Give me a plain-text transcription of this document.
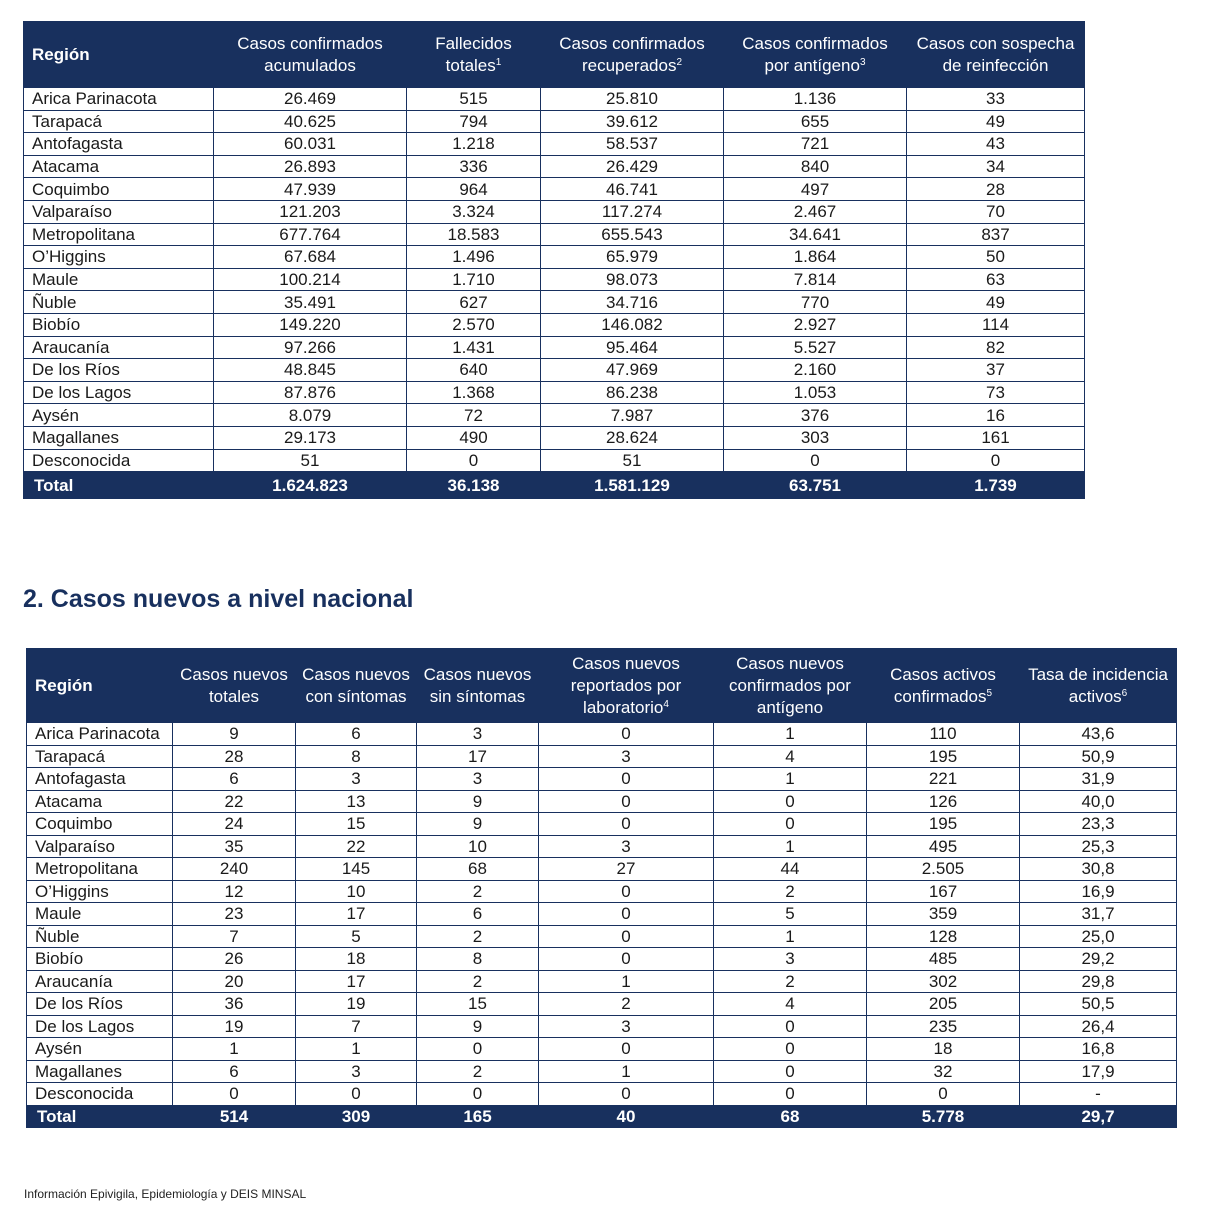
Región	Casos confirmados acumulados	Fallecidos totales$^1$	Casos confirmados recuperados$^2$	Casos confirmados por antígeno$^3$	Casos con sospecha de reinfección
Arica Parinacota	26.469	515	25.810	1.136	33
Tarapacá	40.625	794	39.612	655	49
Antofagasta	60.031	1.218	58.537	721	43
Atacama	26.893	336	26.429	840	34
Coquimbo	47.939	964	46.741	497	28
Valparaíso	121.203	3.324	117.274	2.467	70
Metropolitana	677.764	18.583	655.543	34.641	837
O’Higgins	67.684	1.496	65.979	1.864	50
Maule	100.214	1.710	98.073	7.814	63
Ñuble	35.491	627	34.716	770	49
Biobío	149.220	2.570	146.082	2.927	114
Araucanía	97.266	1.431	95.464	5.527	82
De los Ríos	48.845	640	47.969	2.160	37
De los Lagos	87.876	1.368	86.238	1.053	73
Aysén	8.079	72	7.987	376	16
Magallanes	29.173	490	28.624	303	161
Desconocida	51	0	51	0	0
Total	1.624.823	36.138	1.581.129	63.751	1.739
2. Casos nuevos a nivel nacional
Región	Casos nuevos totales	Casos nuevos con síntomas	Casos nuevos sin síntomas	Casos nuevos reportados por laboratorio$^4$	Casos nuevos confirmados por antígeno	Casos activos confirmados$^5$	Tasa de incidencia activos$^6$
Arica Parinacota	9	6	3	0	1	110	43,6
Tarapacá	28	8	17	3	4	195	50,9
Antofagasta	6	3	3	0	1	221	31,9
Atacama	22	13	9	0	0	126	40,0
Coquimbo	24	15	9	0	0	195	23,3
Valparaíso	35	22	10	3	1	495	25,3
Metropolitana	240	145	68	27	44	2.505	30,8
O’Higgins	12	10	2	0	2	167	16,9
Maule	23	17	6	0	5	359	31,7
Ñuble	7	5	2	0	1	128	25,0
Biobío	26	18	8	0	3	485	29,2
Araucanía	20	17	2	1	2	302	29,8
De los Ríos	36	19	15	2	4	205	50,5
De los Lagos	19	7	9	3	0	235	26,4
Aysén	1	1	0	0	0	18	16,8
Magallanes	6	3	2	1	0	32	17,9
Desconocida	0	0	0	0	0	0	-
Total	514	309	165	40	68	5.778	29,7
Información Epivigila, Epidemiología y DEIS MINSAL
